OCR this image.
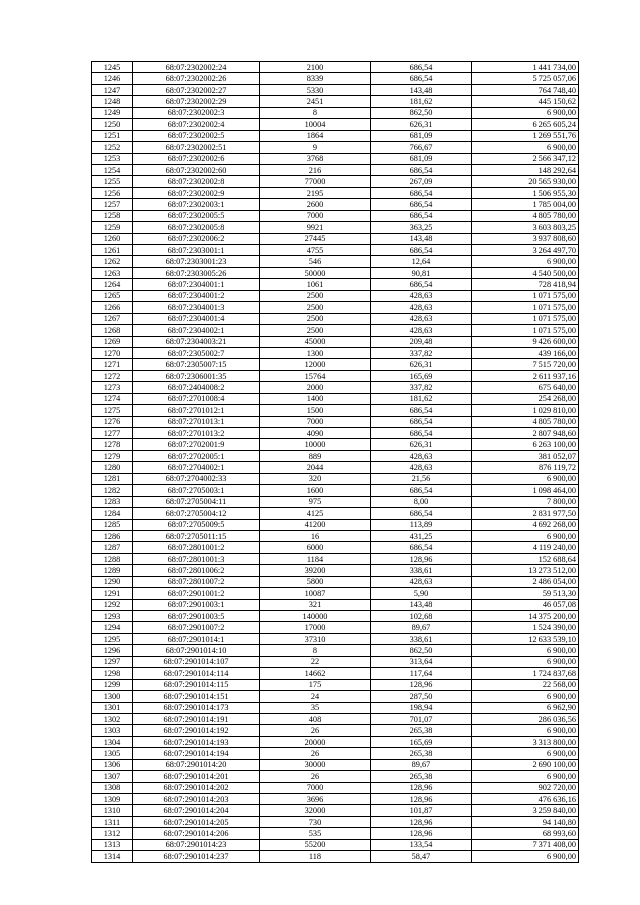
1245	68:07:2302002:24	2100	686,54	1 441 734,00
1246	68:07:2302002:26	8339	686,54	5 725 057,06
1247	68:07:2302002:27	5330	143,48	764 748,40
1248	68:07:2302002:29	2451	181,62	445 150,62
1249	68:07:2302002:3	8	862,50	6 900,00
1250	68:07:2302002:4	10004	626,31	6 265 605,24
1251	68:07:2302002:5	1864	681,09	1 269 551,76
1252	68:07:2302002:51	9	766,67	6 900,00
1253	68:07:2302002:6	3768	681,09	2 566 347,12
1254	68:07:2302002:60	216	686,54	148 292,64
1255	68:07:2302002:8	77000	267,09	20 565 930,00
1256	68:07:2302002:9	2195	686,54	1 506 955,30
1257	68:07:2302003:1	2600	686,54	1 785 004,00
1258	68:07:2302005:5	7000	686,54	4 805 780,00
1259	68:07:2302005:8	9921	363,25	3 603 803,25
1260	68:07:2302006:2	27445	143,48	3 937 808,60
1261	68:07:2303001:1	4755	686,54	3 264 497,70
1262	68:07:2303001:23	546	12,64	6 900,00
1263	68:07:2303005:26	50000	90,81	4 540 500,00
1264	68:07:2304001:1	1061	686,54	728 418,94
1265	68:07:2304001:2	2500	428,63	1 071 575,00
1266	68:07:2304001:3	2500	428,63	1 071 575,00
1267	68:07:2304001:4	2500	428,63	1 071 575,00
1268	68:07:2304002:1	2500	428,63	1 071 575,00
1269	68:07:2304003:21	45000	209,48	9 426 600,00
1270	68:07:2305002:7	1300	337,82	439 166,00
1271	68:07:2305007:15	12000	626,31	7 515 720,00
1272	68:07:2306001:35	15764	165,69	2 611 937,16
1273	68:07:2404008:2	2000	337,82	675 640,00
1274	68:07:2701008:4	1400	181,62	254 268,00
1275	68:07:2701012:1	1500	686,54	1 029 810,00
1276	68:07:2701013:1	7000	686,54	4 805 780,00
1277	68:07:2701013:2	4090	686,54	2 807 948,60
1278	68:07:2702001:9	10000	626,31	6 263 100,00
1279	68:07:2702005:1	889	428,63	381 052,07
1280	68:07:2704002:1	2044	428,63	876 119,72
1281	68:07:2704002:33	320	21,56	6 900,00
1282	68:07:2705003:1	1600	686,54	1 098 464,00
1283	68:07:2705004:11	975	8,00	7 800,00
1284	68:07:2705004:12	4125	686,54	2 831 977,50
1285	68:07:2705009:5	41200	113,89	4 692 268,00
1286	68:07:2705011:15	16	431,25	6 900,00
1287	68:07:2801001:2	6000	686,54	4 119 240,00
1288	68:07:2801001:3	1184	128,96	152 688,64
1289	68:07:2801006:2	39200	338,61	13 273 512,00
1290	68:07:2801007:2	5800	428,63	2 486 054,00
1291	68:07:2901001:2	10087	5,90	59 513,30
1292	68:07:2901003:1	321	143,48	46 057,08
1293	68:07:2901003:5	140000	102,68	14 375 200,00
1294	68:07:2901007:2	17000	89,67	1 524 390,00
1295	68:07:2901014:1	37310	338,61	12 633 539,10
1296	68:07:2901014:10	8	862,50	6 900,00
1297	68:07:2901014:107	22	313,64	6 900,00
1298	68:07:2901014:114	14662	117,64	1 724 837,68
1299	68:07:2901014:115	175	128,96	22 568,00
1300	68:07:2901014:151	24	287,50	6 900,00
1301	68:07:2901014:173	35	198,94	6 962,90
1302	68:07:2901014:191	408	701,07	286 036,56
1303	68:07:2901014:192	26	265,38	6 900,00
1304	68:07:2901014:193	20000	165,69	3 313 800,00
1305	68:07:2901014:194	26	265,38	6 900,00
1306	68:07:2901014:20	30000	89,67	2 690 100,00
1307	68:07:2901014:201	26	265,38	6 900,00
1308	68:07:2901014:202	7000	128,96	902 720,00
1309	68:07:2901014:203	3696	128,96	476 636,16
1310	68:07:2901014:204	32000	101,87	3 259 840,00
1311	68:07:2901014:205	730	128,96	94 140,80
1312	68:07:2901014:206	535	128,96	68 993,60
1313	68:07:2901014:23	55200	133,54	7 371 408,00
1314	68:07:2901014:237	118	58,47	6 900,00
